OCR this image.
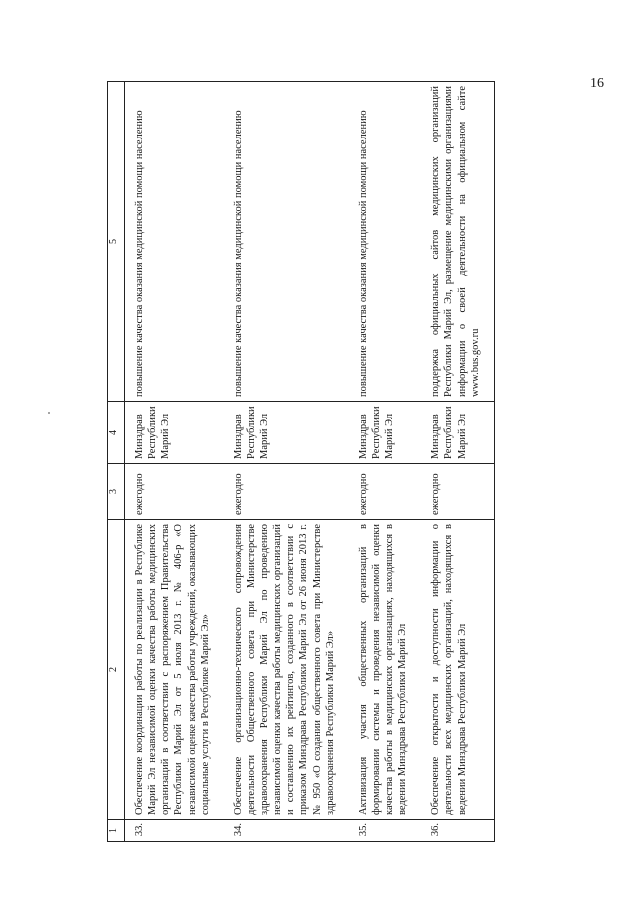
16
1	2	3	4	5
33.	Обеспечение координации работы по реализации в Республике Марий Эл независимой оценки качества работы медицинских организаций в соответствии с распоряжением Правительства Республики Марий Эл от 5 июля 2013 г. № 406-р «О независимой оценке качества работы учреждений, оказывающих социальные услуги в Республике Марий Эл»	ежегодно	Минздрав Республики Марий Эл	повышение качества оказания медицинской помощи населению
34.	Обеспечение организационно-технического сопровождения деятельности Общественного совета при Министерстве здравоохранения Республики Марий Эл по проведению независимой оценки качества работы медицинских организаций и составлению их рейтингов, созданного в соответствии с приказом Минздрава Республики Марий Эл от 26 июня 2013 г. № 950 «О создании общественного совета при Министерстве здравоохранения Республики Марий Эл»	ежегодно	Минздрав Республики Марий Эл	повышение качества оказания медицинской помощи населению
35.	Активизация участия общественных организаций в формировании системы и проведения независимой оценки качества работы в медицинских организациях, находящихся в ведении Минздрава Республики Марий Эл	ежегодно	Минздрав Республики Марий Эл	повышение качества оказания медицинской помощи населению
36.	Обеспечение открытости и доступности информации о деятельности всех медицинских организаций, находящихся в ведении Минздрава Республики Марий Эл	ежегодно	Минздрав Республики Марий Эл	поддержка официальных сайтов медицинских организаций Республики Марий Эл, размещение медицинскими организациями информации о своей деятельности на официальном сайте www.bus.gov.ru
